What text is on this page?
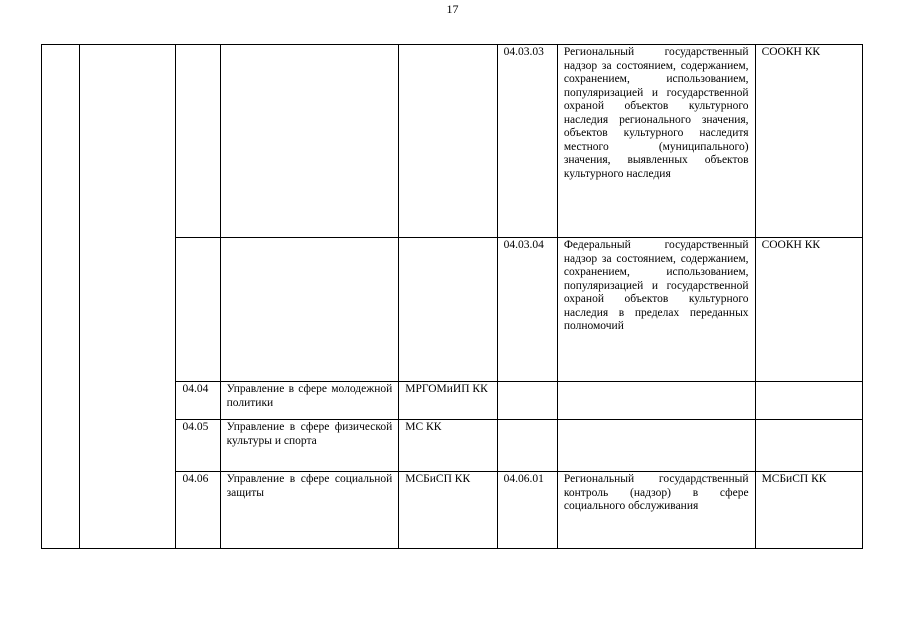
17
					04.03.03	Региональный государственный надзор за состоянием, содержанием, сохранением, использованием, популяризацией и государственной охраной объектов культурного наследия регионального значения, объектов культурного наследитя местного (муниципального) значения, выявленных объектов культурного наследия	СООКН КК
					04.03.04	Федеральный государственный надзор за состоянием, содержанием, сохранением, использованием, популяризацией и государственной охраной объектов культурного наследия в пределах переданных полномочий	СООКН КК
		04.04	Управление в сфере молодежной политики	МРГОМиИП КК			
		04.05	Управление в сфере физической культуры и спорта	МС КК			
		04.06	Управление в сфере социальной защиты	МСБиСП КК	04.06.01	Региональный государдственный контроль (надзор) в сфере социального обслуживания	МСБиСП КК
